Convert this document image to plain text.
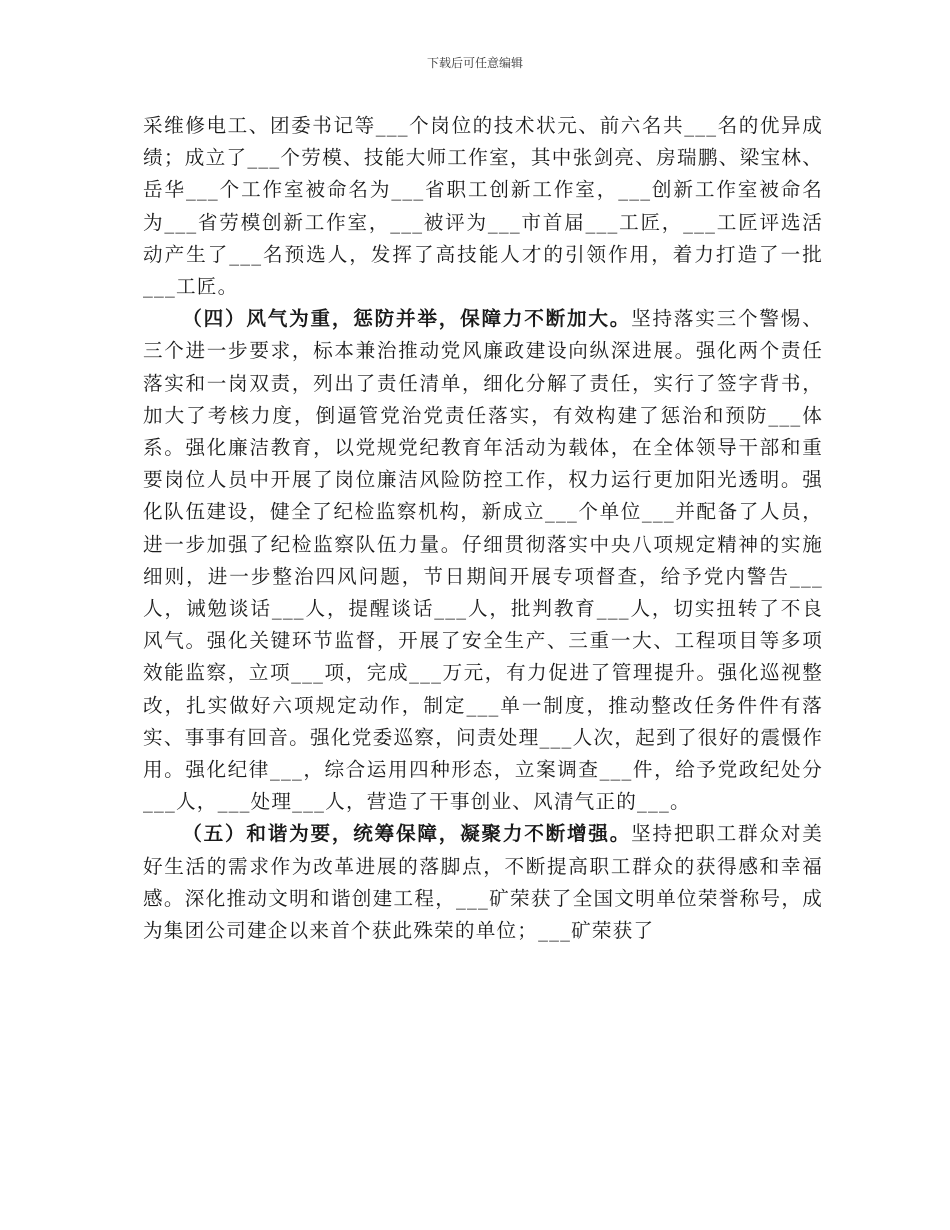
下载后可任意编辑

采维修电工、团委书记等___个岗位的技术状元、前六名共___名的优异成绩；成立了___个劳模、技能大师工作室，其中张剑亮、房瑞鹏、梁宝林、岳华___个工作室被命名为___省职工创新工作室，___创新工作室被命名为___省劳模创新工作室，___被评为___市首届___工匠，___工匠评选活动产生了___名预选人，发挥了高技能人才的引领作用，着力打造了一批___工匠。

（四）风气为重，惩防并举，保障力不断加大。坚持落实三个警惕、三个进一步要求，标本兼治推动党风廉政建设向纵深进展。强化两个责任落实和一岗双责，列出了责任清单，细化分解了责任，实行了签字背书，加大了考核力度，倒逼管党治党责任落实，有效构建了惩治和预防___体系。强化廉洁教育，以党规党纪教育年活动为载体，在全体领导干部和重要岗位人员中开展了岗位廉洁风险防控工作，权力运行更加阳光透明。强化队伍建设，健全了纪检监察机构，新成立___个单位___并配备了人员，进一步加强了纪检监察队伍力量。仔细贯彻落实中央八项规定精神的实施细则，进一步整治四风问题，节日期间开展专项督查，给予党内警告___人，诫勉谈话___人，提醒谈话___人，批判教育___人，切实扭转了不良风气。强化关键环节监督，开展了安全生产、三重一大、工程项目等多项效能监察，立项___项，完成___万元，有力促进了管理提升。强化巡视整改，扎实做好六项规定动作，制定___单一制度，推动整改任务件件有落实、事事有回音。强化党委巡察，问责处理___人次，起到了很好的震慑作用。强化纪律___，综合运用四种形态，立案调查___件，给予党政纪处分___人，___处理___人，营造了干事创业、风清气正的___。

（五）和谐为要，统筹保障，凝聚力不断增强。坚持把职工群众对美好生活的需求作为改革进展的落脚点，不断提高职工群众的获得感和幸福感。深化推动文明和谐创建工程，___矿荣获了全国文明单位荣誉称号，成为集团公司建企以来首个获此殊荣的单位；___矿荣获了
